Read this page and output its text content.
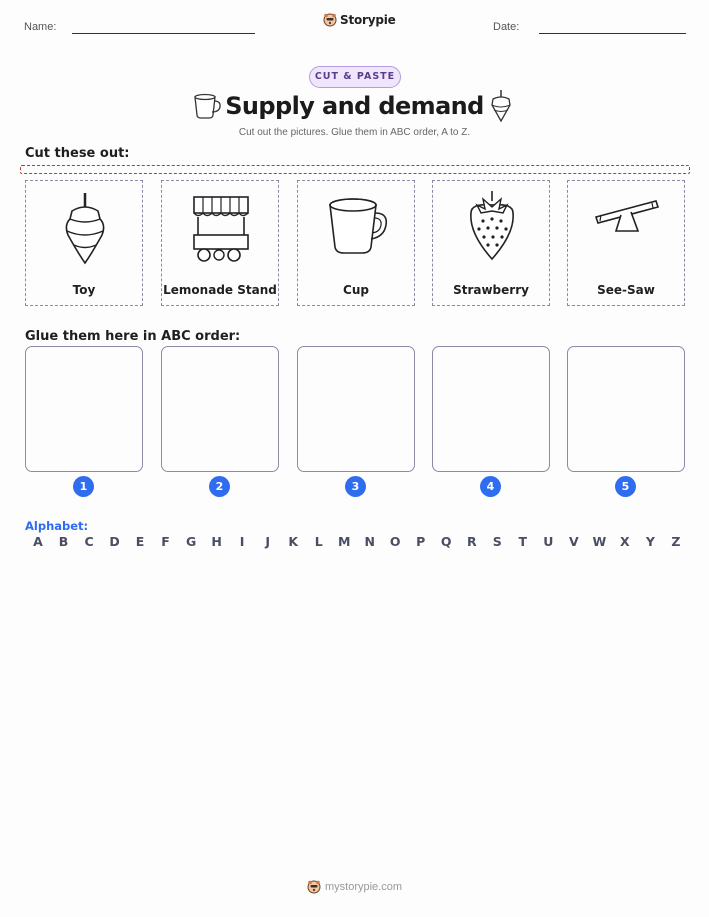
Name:	Storypie	Date:
CUT & PASTE
Supply and demand
Cut out the pictures. Glue them in ABC order, A to Z.
Cut these out:
Toy	Lemonade Stand	Cup	Strawberry	See-Saw
Glue them here in ABC order:
1	2	3	4	5
Alphabet:
A B C D E F G H	I	J	K L M N O P Q R S T U V W X Y Z
mystorypie.com
